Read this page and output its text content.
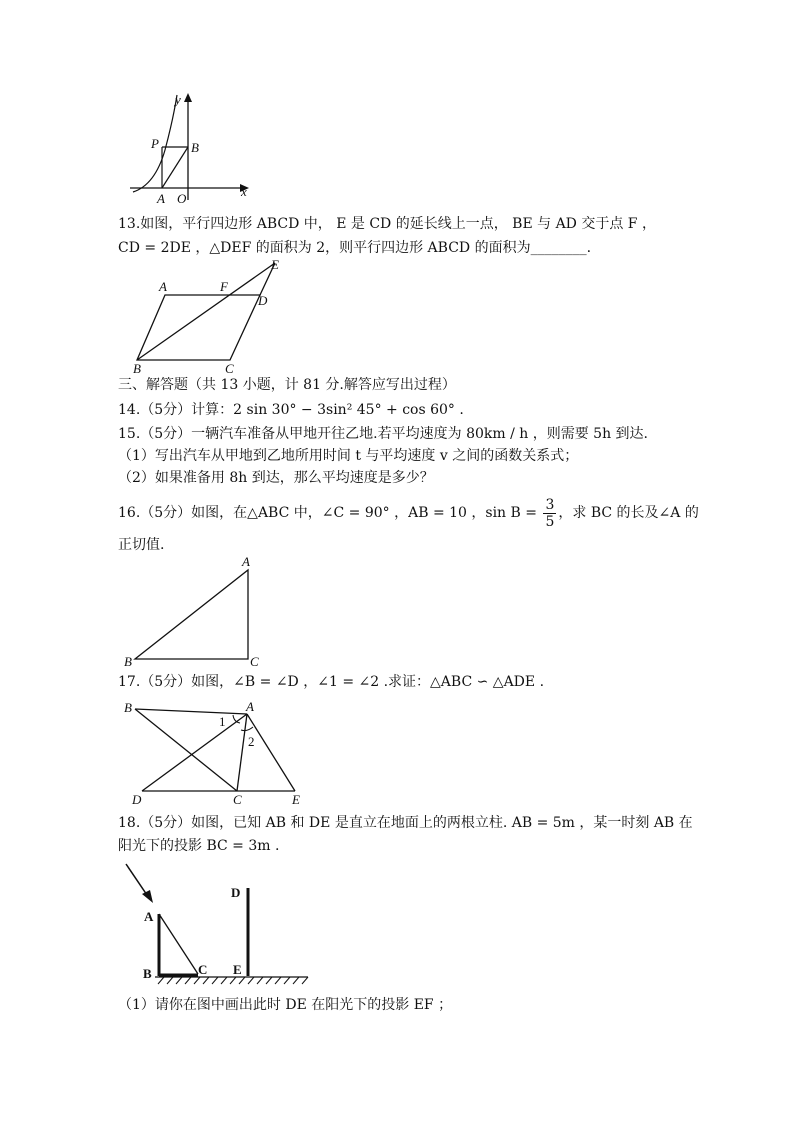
y
x
P B
A O
13.如图，平行四边形 ABCD 中， E 是 CD 的延长线上一点， BE 与 AD 交于点 F ，
CD = 2DE ，△DEF 的面积为 2，则平行四边形 ABCD 的面积为________.
A	F
E
D
B	C
三、解答题（共 13 小题，计 81 分.解答应写出过程）
14.（5分）计算：2 sin 30° − 3sin² 45° + cos 60° .
15.（5分）一辆汽车准备从甲地开往乙地.若平均速度为 80km / h ，则需要 5h 到达.
（1）写出汽车从甲地到乙地所用时间 t 与平均速度 v 之间的函数关系式；
（2）如果准备用 8h 到达，那么平均速度是多少？
16.（5分）如图，在△ABC 中，∠C = 90° ，AB = 10 ，$\sin B = \frac{3}{5}$ ，求 BC 的长及∠A 的
正切值.
A
B	C
17.（5分）如图，∠B = ∠D ，∠1 = ∠2 .求证：△ABC ∽ △ADE .
B	A
1
2
D	C	E
18.（5分）如图，已知 AB 和 DE 是直立在地面上的两根立柱. AB = 5m ，某一时刻 AB 在
阳光下的投影 BC = 3m .
D
A
B	C E
（1）请你在图中画出此时 DE 在阳光下的投影 EF ；
